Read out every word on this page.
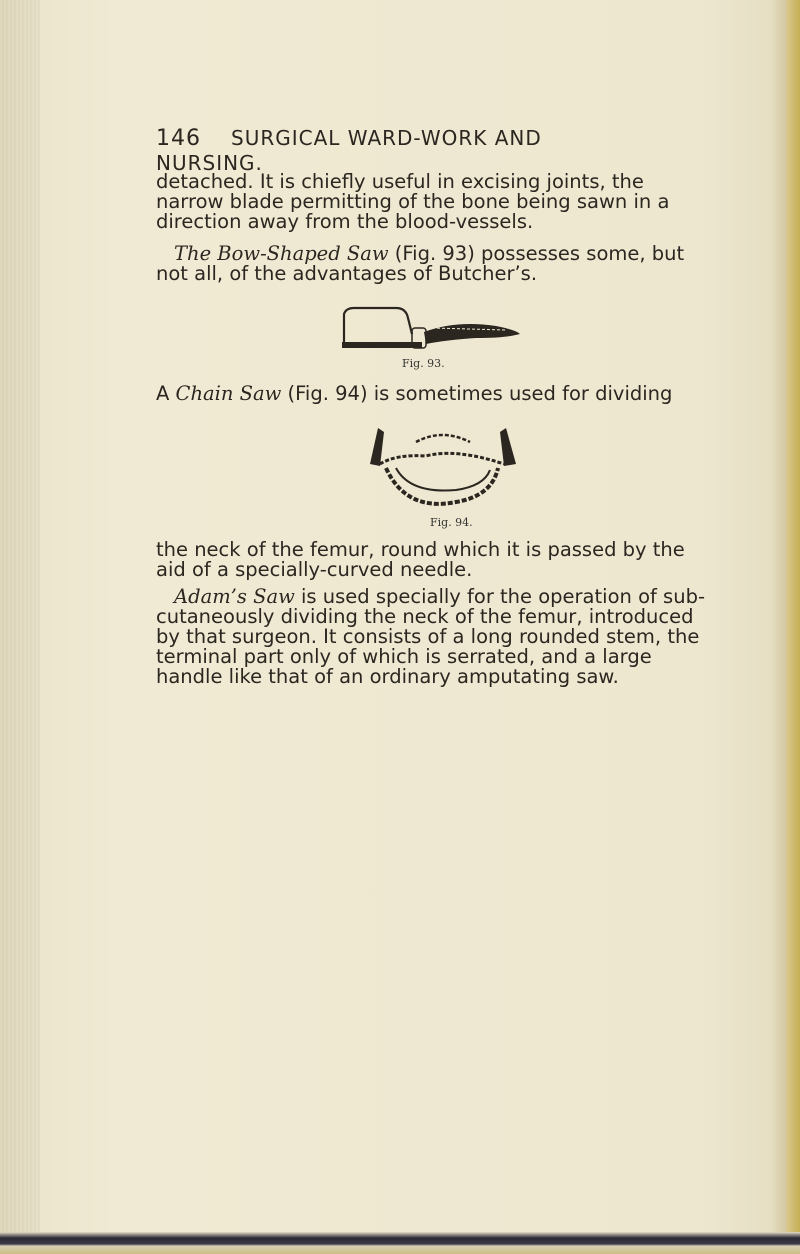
146 SURGICAL WARD-WORK AND NURSING.

detached. It is chiefly useful in excising joints, the narrow blade permitting of the bone being sawn in a direction away from the blood-vessels.

The Bow-Shaped Saw (Fig. 93) possesses some, but not all, of the advantages of Butcher’s.

Fig. 93.

A Chain Saw (Fig. 94) is sometimes used for dividing

Fig. 94.

the neck of the femur, round which it is passed by the aid of a specially-curved needle.

Adam’s Saw is used specially for the operation of sub-cutaneously dividing the neck of the femur, introduced by that surgeon. It consists of a long rounded stem, the terminal part only of which is serrated, and a large handle like that of an ordinary amputating saw.
